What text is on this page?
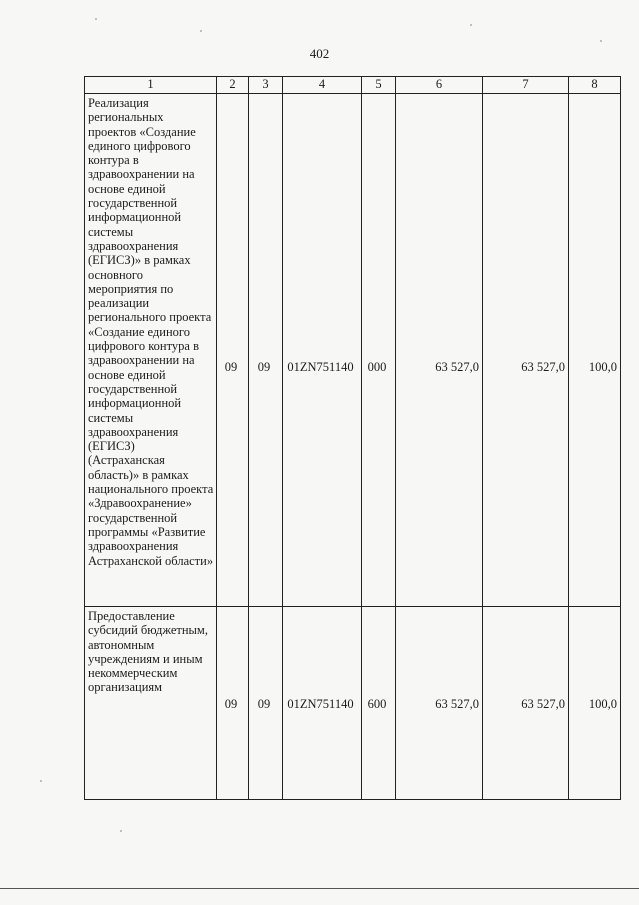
402
1	2	3	4	5	6	7	8
Реализация региональных проектов «Создание единого цифрового контура в здравоохранении на основе единой государственной информационной системы здравоохранения (ЕГИСЗ)» в рамках основного мероприятия по реализации регионального проекта «Создание единого цифрового контура в здравоохранении на основе единой государственной информационной системы здравоохранения (ЕГИСЗ) (Астраханская область)» в рамках национального проекта «Здравоохранение» государственной программы «Развитие здравоохранения Астраханской области»	09	09	01ZN751140	000	63 527,0	63 527,0	100,0

Предоставление субсидий бюджетным, автономным учреждениям и иным некоммерческим организациям	09	09	01ZN751140	600	63 527,0	63 527,0	100,0
